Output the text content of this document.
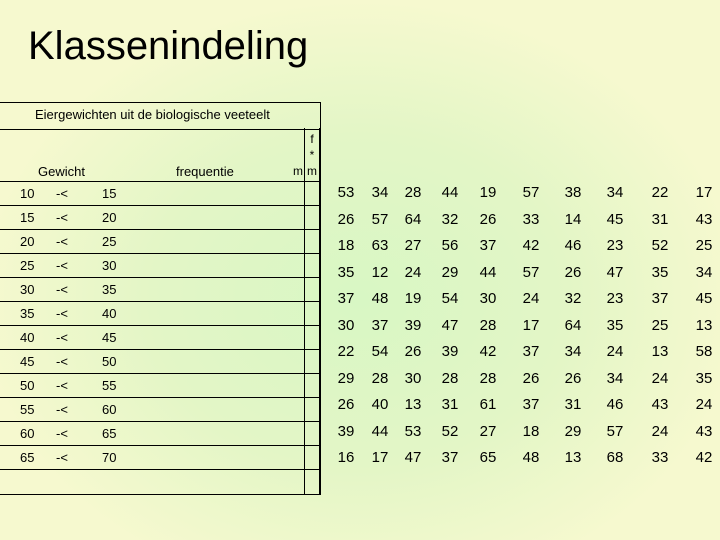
Klassenindeling
Eiergewichten uit de biologische veeteelt
Gewicht	frequentie
f
*
m m
10 -<	15
15 -<	20
20 -<	25
25 -<	30
30 -<	35
35 -<	40
40 -<	45
45 -<	50
50 -<	55
55 -<	60
60 -<	65
65 -<	70
53	34	28	44	19	57	38	34	22	17
26	57	64	32	26	33	14	45	31	43
18	63	27	56	37	42	46	23	52	25
35	12	24	29	44	57	26	47	35	34
37	48	19	54	30	24	32	23	37	45
30	37	39	47	28	17	64	35	25	13
22	54	26	39	42	37	34	24	13	58
29	28	30	28	28	26	26	34	24	35
26	40	13	31	61	37	31	46	43	24
39	44	53	52	27	18	29	57	24	43
16	17	47	37	65	48	13	68	33	42
